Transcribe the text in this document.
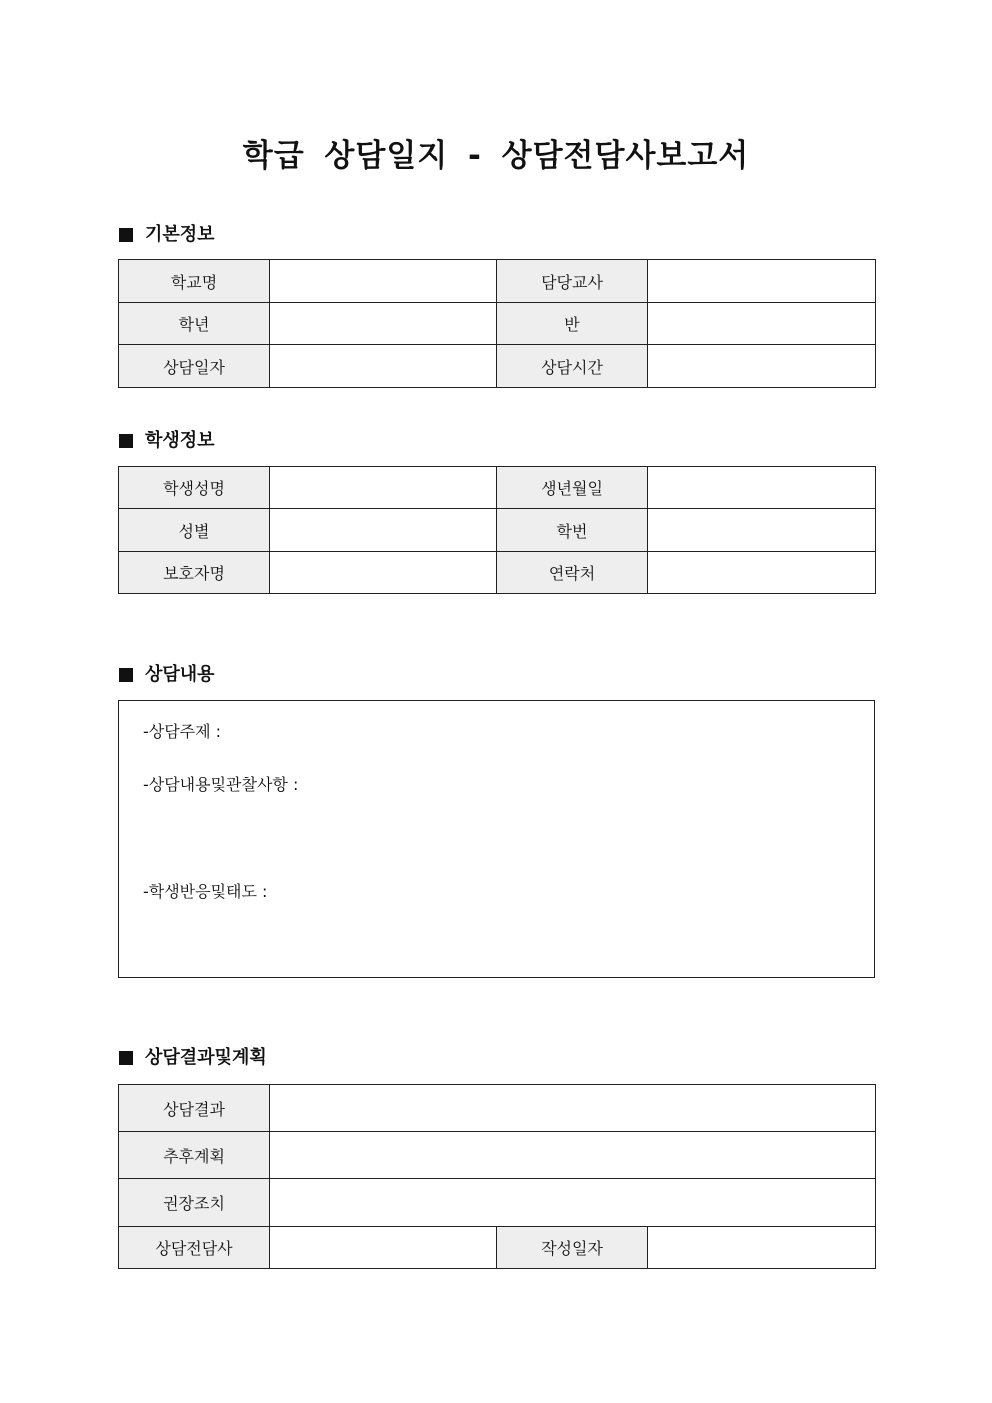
학급 상담일지 - 상담전담사보고서
기본정보
학교명		담당교사	
학년		반	
상담일자		상담시간	
학생정보
학생성명		생년월일	
성별		학번	
보호자명		연락처	
상담내용
-상담주제 :
-상담내용및관찰사항 :
-학생반응및태도 :
상담결과및계획
상담결과			
추후계획			
권장조치			
상담전담사		작성일자	
